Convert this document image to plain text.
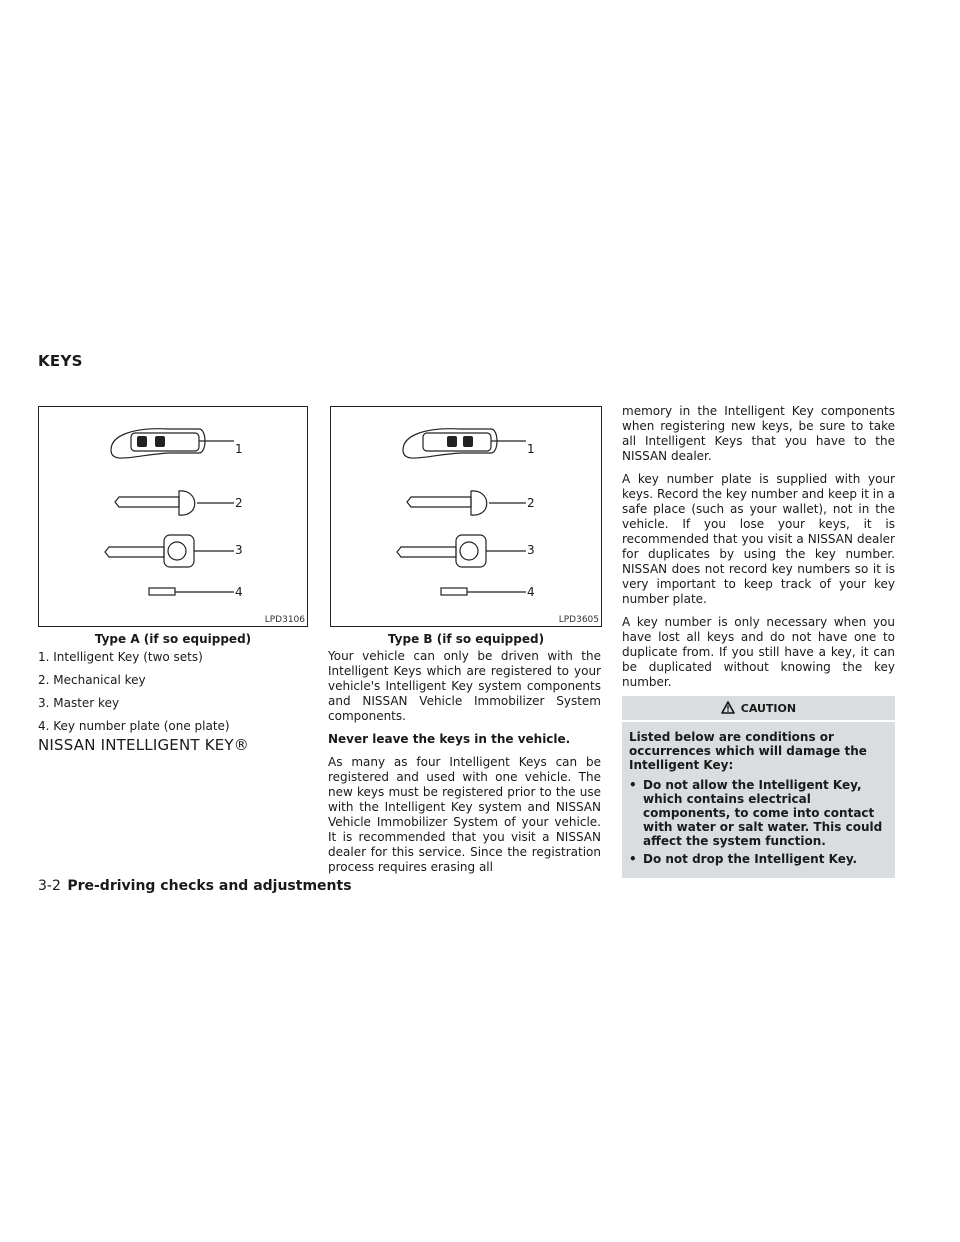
KEYS
1
2
3
4
LPD3106
Type A (if so equipped)
1
2
3
4
LPD3605
Type B (if so equipped)
1. Intelligent Key (two sets)
2. Mechanical key
3. Master key
4. Key number plate (one plate)
NISSAN INTELLIGENT KEY®

Your vehicle can only be driven with the Intelligent Keys which are registered to your vehicle's Intelligent Key system components and NISSAN Vehicle Immobilizer System components.

Never leave the keys in the vehicle.

As many as four Intelligent Keys can be registered and used with one vehicle. The new keys must be registered prior to the use with the Intelligent Key system and NISSAN Vehicle Immobilizer System of your vehicle. It is recommended that you visit a NISSAN dealer for this service. Since the registration process requires erasing all

memory in the Intelligent Key components when registering new keys, be sure to take all Intelligent Keys that you have to the NISSAN dealer.

A key number plate is supplied with your keys. Record the key number and keep it in a safe place (such as your wallet), not in the vehicle. If you lose your keys, it is recommended that you visit a NISSAN dealer for duplicates by using the key number. NISSAN does not record key numbers so it is very important to keep track of your key number plate.

A key number is only necessary when you have lost all keys and do not have one to duplicate from. If you still have a key, it can be duplicated without knowing the key number.

CAUTION

Listed below are conditions or occurrences which will damage the Intelligent Key:

• Do not allow the Intelligent Key, which contains electrical components, to come into contact with water or salt water. This could affect the system function.
• Do not drop the Intelligent Key.
3-2 Pre-driving checks and adjustments
